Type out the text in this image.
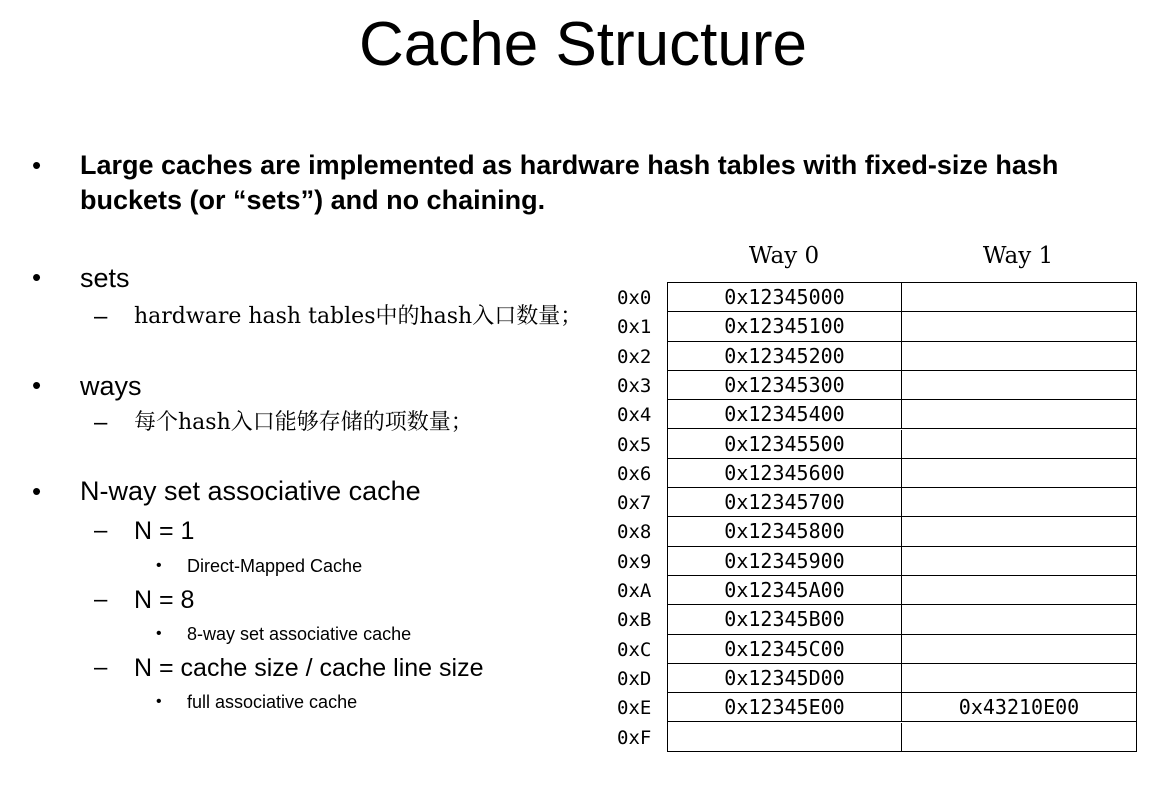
Cache Structure
• Large caches are implemented as hardware hash tables with fixed-size hash buckets (or “sets”) and no chaining.
• sets
– hardware hash tables中的hash入口数量；
• ways
– 每个hash入口能够存储的项数量；
• N-way set associative cache
– N = 1
• Direct-Mapped Cache
– N = 8
• 8-way set associative cache
– N = cache size / cache line size
• full associative cache
Way 0	Way 1
0x0
0x1
0x2
0x3
0x4
0x5
0x6
0x7
0x8
0x9
0xA
0xB
0xC
0xD
0xE
0xF
0x12345000
0x12345100
0x12345200
0x12345300
0x12345400
0x12345500
0x12345600
0x12345700
0x12345800
0x12345900
0x12345A00
0x12345B00
0x12345C00
0x12345D00
0x12345E00	0x43210E00
